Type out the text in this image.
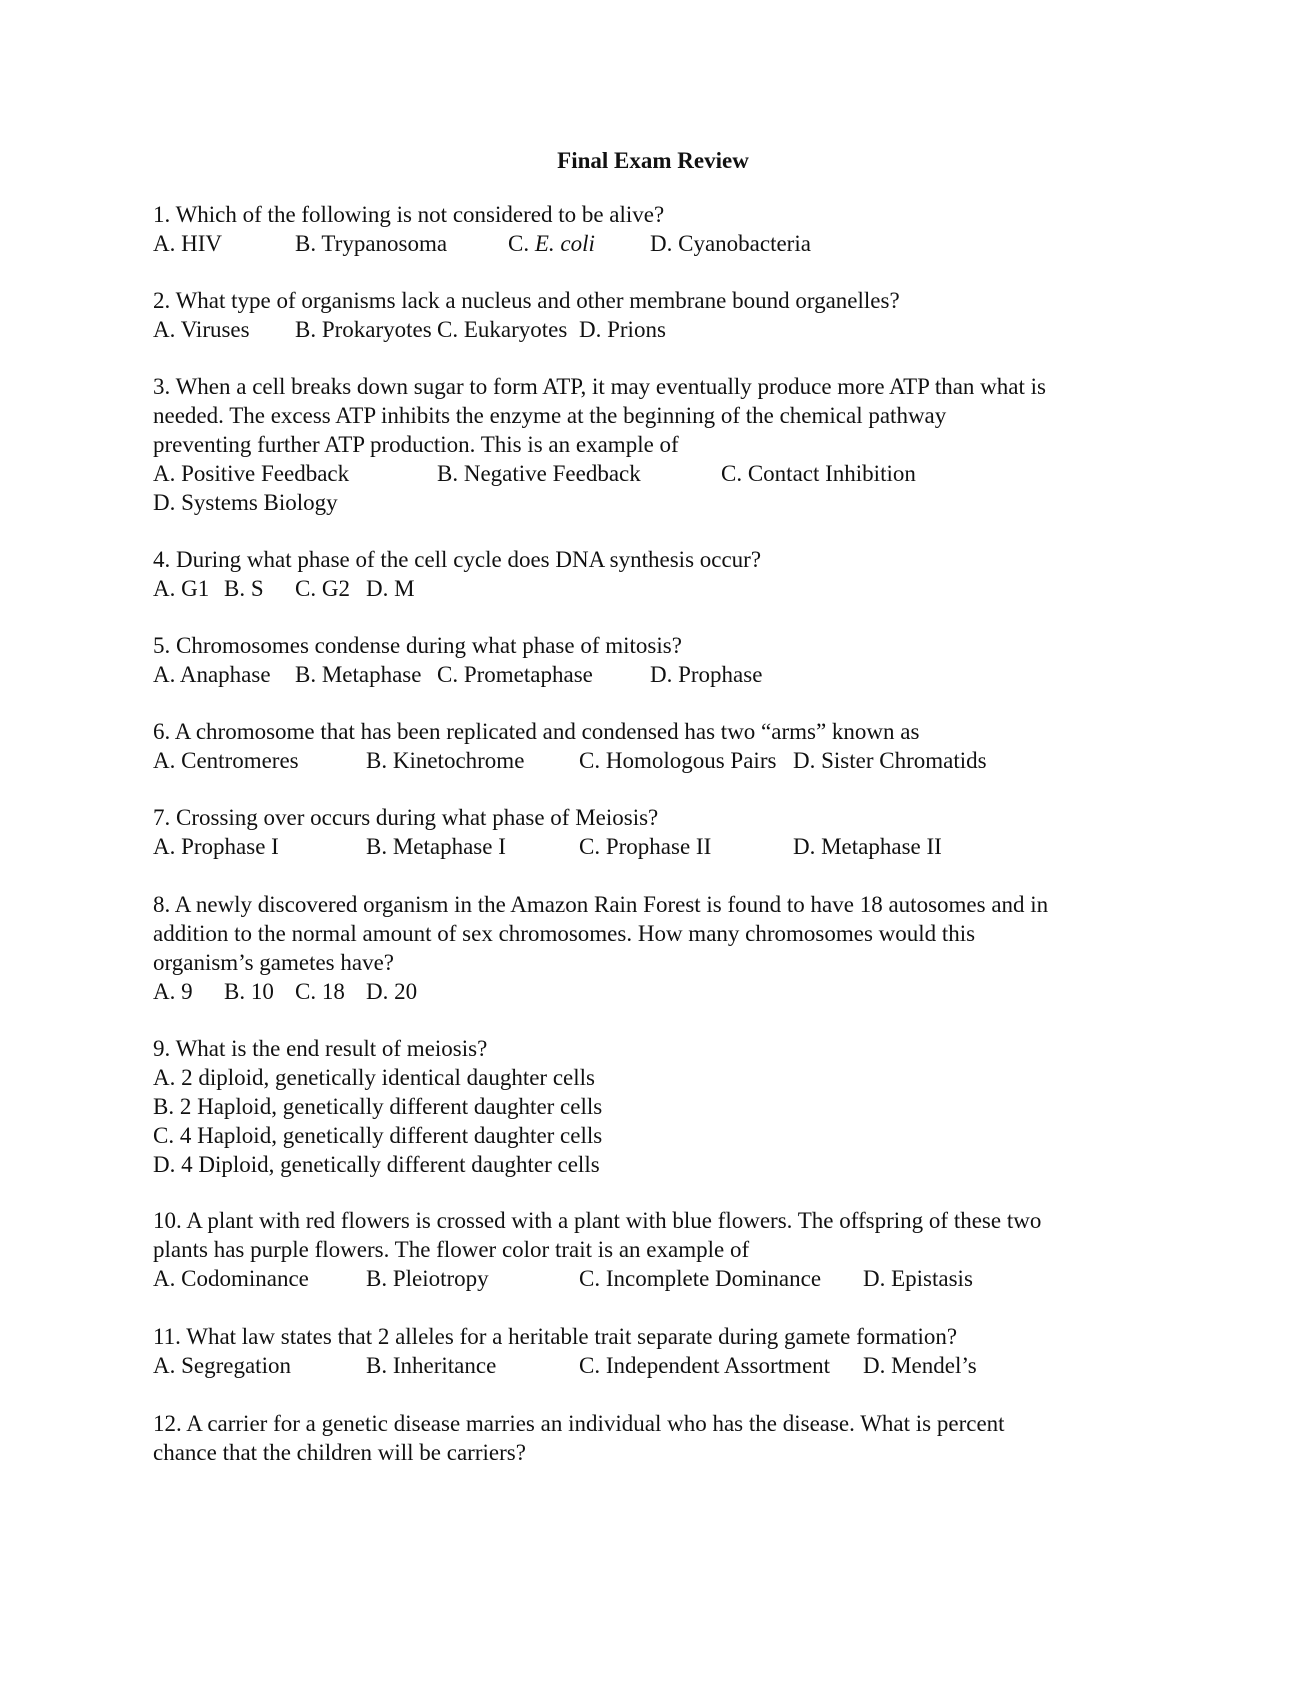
Final Exam Review
1. Which of the following is not considered to be alive?
A. HIV	B. Trypanosoma	C. E. coli D. Cyanobacteria
2. What type of organisms lack a nucleus and other membrane bound organelles?
A. Viruses B. Prokaryotes C. Eukaryotes D. Prions
3. When a cell breaks down sugar to form ATP, it may eventually produce more ATP than what is
needed. The excess ATP inhibits the enzyme at the beginning of the chemical pathway
preventing further ATP production. This is an example of
A. Positive Feedback	B. Negative Feedback	C. Contact Inhibition
D. Systems Biology
4. During what phase of the cell cycle does DNA synthesis occur?
A. G1 B. S C. G2 D. M
5. Chromosomes condense during what phase of mitosis?
A. Anaphase B. Metaphase C. Prometaphase D. Prophase
6. A chromosome that has been replicated and condensed has two “arms” known as
A. Centromeres	B. Kinetochrome C. Homologous Pairs D. Sister Chromatids
7. Crossing over occurs during what phase of Meiosis?
A. Prophase I	B. Metaphase I	C. Prophase II	D. Metaphase II
8. A newly discovered organism in the Amazon Rain Forest is found to have 18 autosomes and in
addition to the normal amount of sex chromosomes. How many chromosomes would this
organism’s gametes have?
A. 9 B. 10 C. 18 D. 20
9. What is the end result of meiosis?
A. 2 diploid, genetically identical daughter cells
B. 2 Haploid, genetically different daughter cells
C. 4 Haploid, genetically different daughter cells
D. 4 Diploid, genetically different daughter cells
10. A plant with red flowers is crossed with a plant with blue flowers. The offspring of these two
plants has purple flowers. The flower color trait is an example of
A. Codominance B. Pleiotropy	C. Incomplete Dominance D. Epistasis
11. What law states that 2 alleles for a heritable trait separate during gamete formation?
A. Segregation	B. Inheritance	C. Independent Assortment D. Mendel’s
12. A carrier for a genetic disease marries an individual who has the disease. What is percent
chance that the children will be carriers?
